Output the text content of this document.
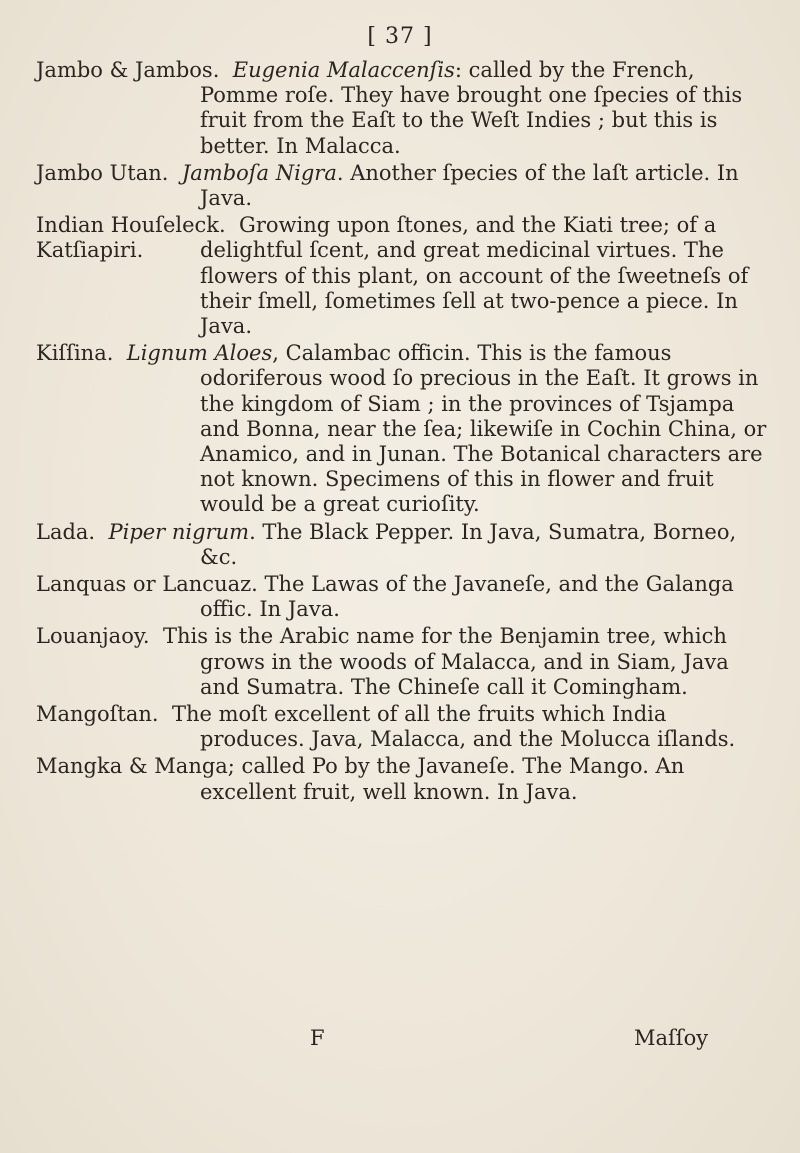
[ 37 ]

Jambo & Jambos. Eugenia Malaccenſis: called by the French, Pomme roſe. They have brought one ſpecies of this fruit from the Eaſt to the Weſt Indies ; but this is better. In Malacca.

Jambo Utan. Jamboſa Nigra. Another ſpecies of the laſt article. In Java.

Indian Houſeleck. Growing upon ſtones, and the Kiati tree; of a delightful ſcent, and great medicinal virtues. The flowers of this plant, on account of the ſweetneſs of their ſmell, ſometimes ſell at two-pence a piece. In Java.

Katſiapiri.

Kiſſina. Lignum Aloes, Calambac officin. This is the famous odoriferous wood ſo precious in the Eaſt. It grows in the kingdom of Siam ; in the provinces of Tsjampa and Bonna, near the ſea; likewiſe in Cochin China, or Anamico, and in Junan. The Botanical characters are not known. Specimens of this in flower and fruit would be a great curioſity.

Lada. Piper nigrum. The Black Pepper. In Java, Sumatra, Borneo, &c.

Lanquas or Lancuaz. The Lawas of the Javaneſe, and the Galanga offic. In Java.

Louanjaoy. This is the Arabic name for the Benjamin tree, which grows in the woods of Malacca, and in Siam, Java and Sumatra. The Chineſe call it Comingham.

Mangoſtan. The moſt excellent of all the fruits which India produces. Java, Malacca, and the Molucca iſlands.

Mangka & Manga; called Po by the Javaneſe. The Mango. An excellent fruit, well known. In Java.

F	Maſſoy
